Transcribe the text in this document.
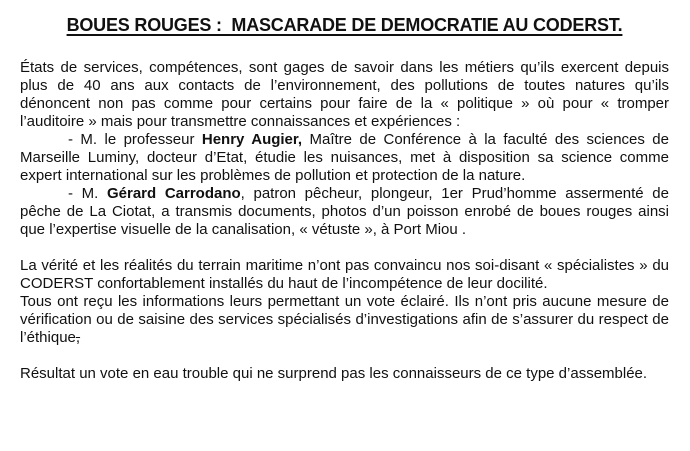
BOUES ROUGES :  MASCARADE DE DEMOCRATIE AU CODERST.

États de services, compétences, sont gages de savoir dans les métiers qu’ils exercent depuis plus de 40 ans aux contacts de l’environnement, des pollutions de toutes natures qu’ils dénoncent non pas comme pour certains pour faire de la « politique » où pour « tromper l’auditoire » mais pour transmettre connaissances et expériences :

- M. le professeur Henry Augier, Maître de Conférence à la faculté des sciences de Marseille Luminy, docteur d’Etat, étudie les nuisances, met à disposition sa science comme expert international sur les problèmes de pollution et protection de la nature.

- M. Gérard Carrodano, patron pêcheur, plongeur, 1er Prud’homme assermenté de pêche de La Ciotat, a transmis documents, photos d’un poisson enrobé de boues rouges ainsi que l’expertise visuelle de la canalisation, « vétuste », à Port Miou .

La vérité et les réalités du terrain maritime n’ont pas convaincu nos soi-disant « spécialistes » du CODERST confortablement installés du haut de l’incompétence de leur docilité.

Tous ont reçu les informations leurs permettant un vote éclairé. Ils n’ont pris aucune mesure de vérification ou de saisine des services spécialisés d’investigations afin de s’assurer du respect de l’éthique,

Résultat un vote en eau trouble qui ne surprend pas les connaisseurs de ce type d’assemblée.
